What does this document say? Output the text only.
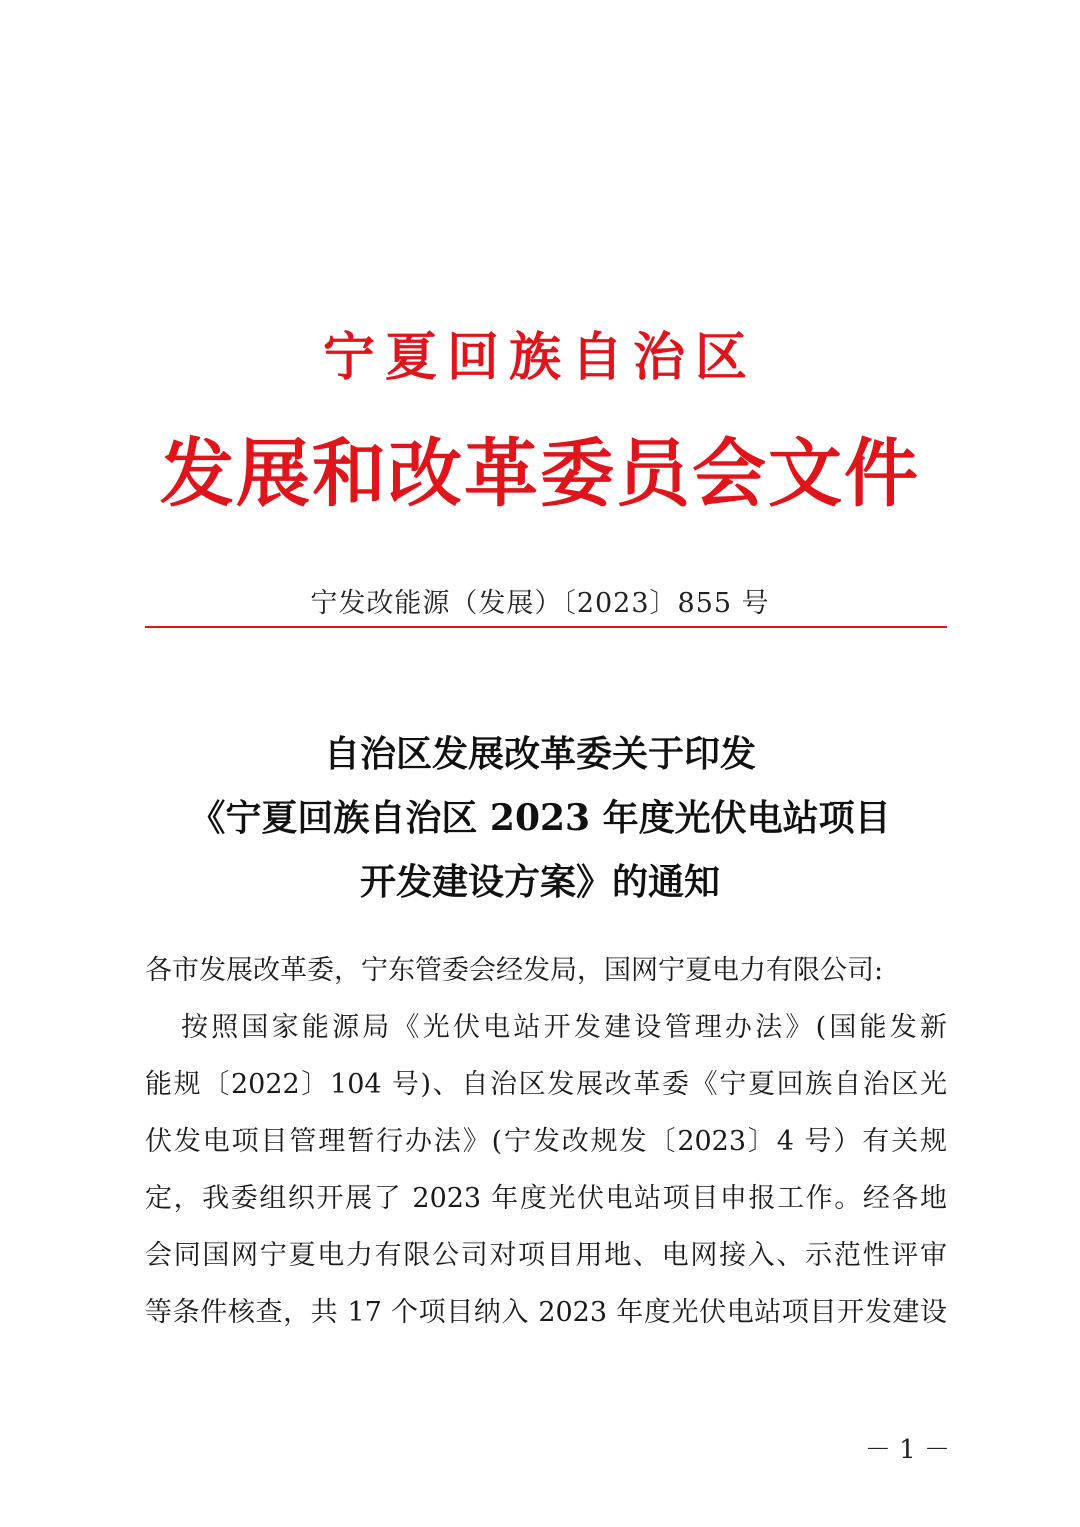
宁夏回族自治区
发展和改革委员会文件
宁发改能源（发展）〔2023〕855 号
自治区发展改革委关于印发
《宁夏回族自治区 2023 年度光伏电站项目
开发建设方案》的通知
各市发展改革委，宁东管委会经发局，国网宁夏电力有限公司:
按照国家能源局《光伏电站开发建设管理办法》(国能发新
能规〔2022〕104 号)、自治区发展改革委《宁夏回族自治区光
伏发电项目管理暂行办法》(宁发改规发〔2023〕4 号）有关规
定，我委组织开展了 2023 年度光伏电站项目申报工作。经各地
会同国网宁夏电力有限公司对项目用地、电网接入、示范性评审
等条件核查，共 17 个项目纳入 2023 年度光伏电站项目开发建设
－ 1 －
